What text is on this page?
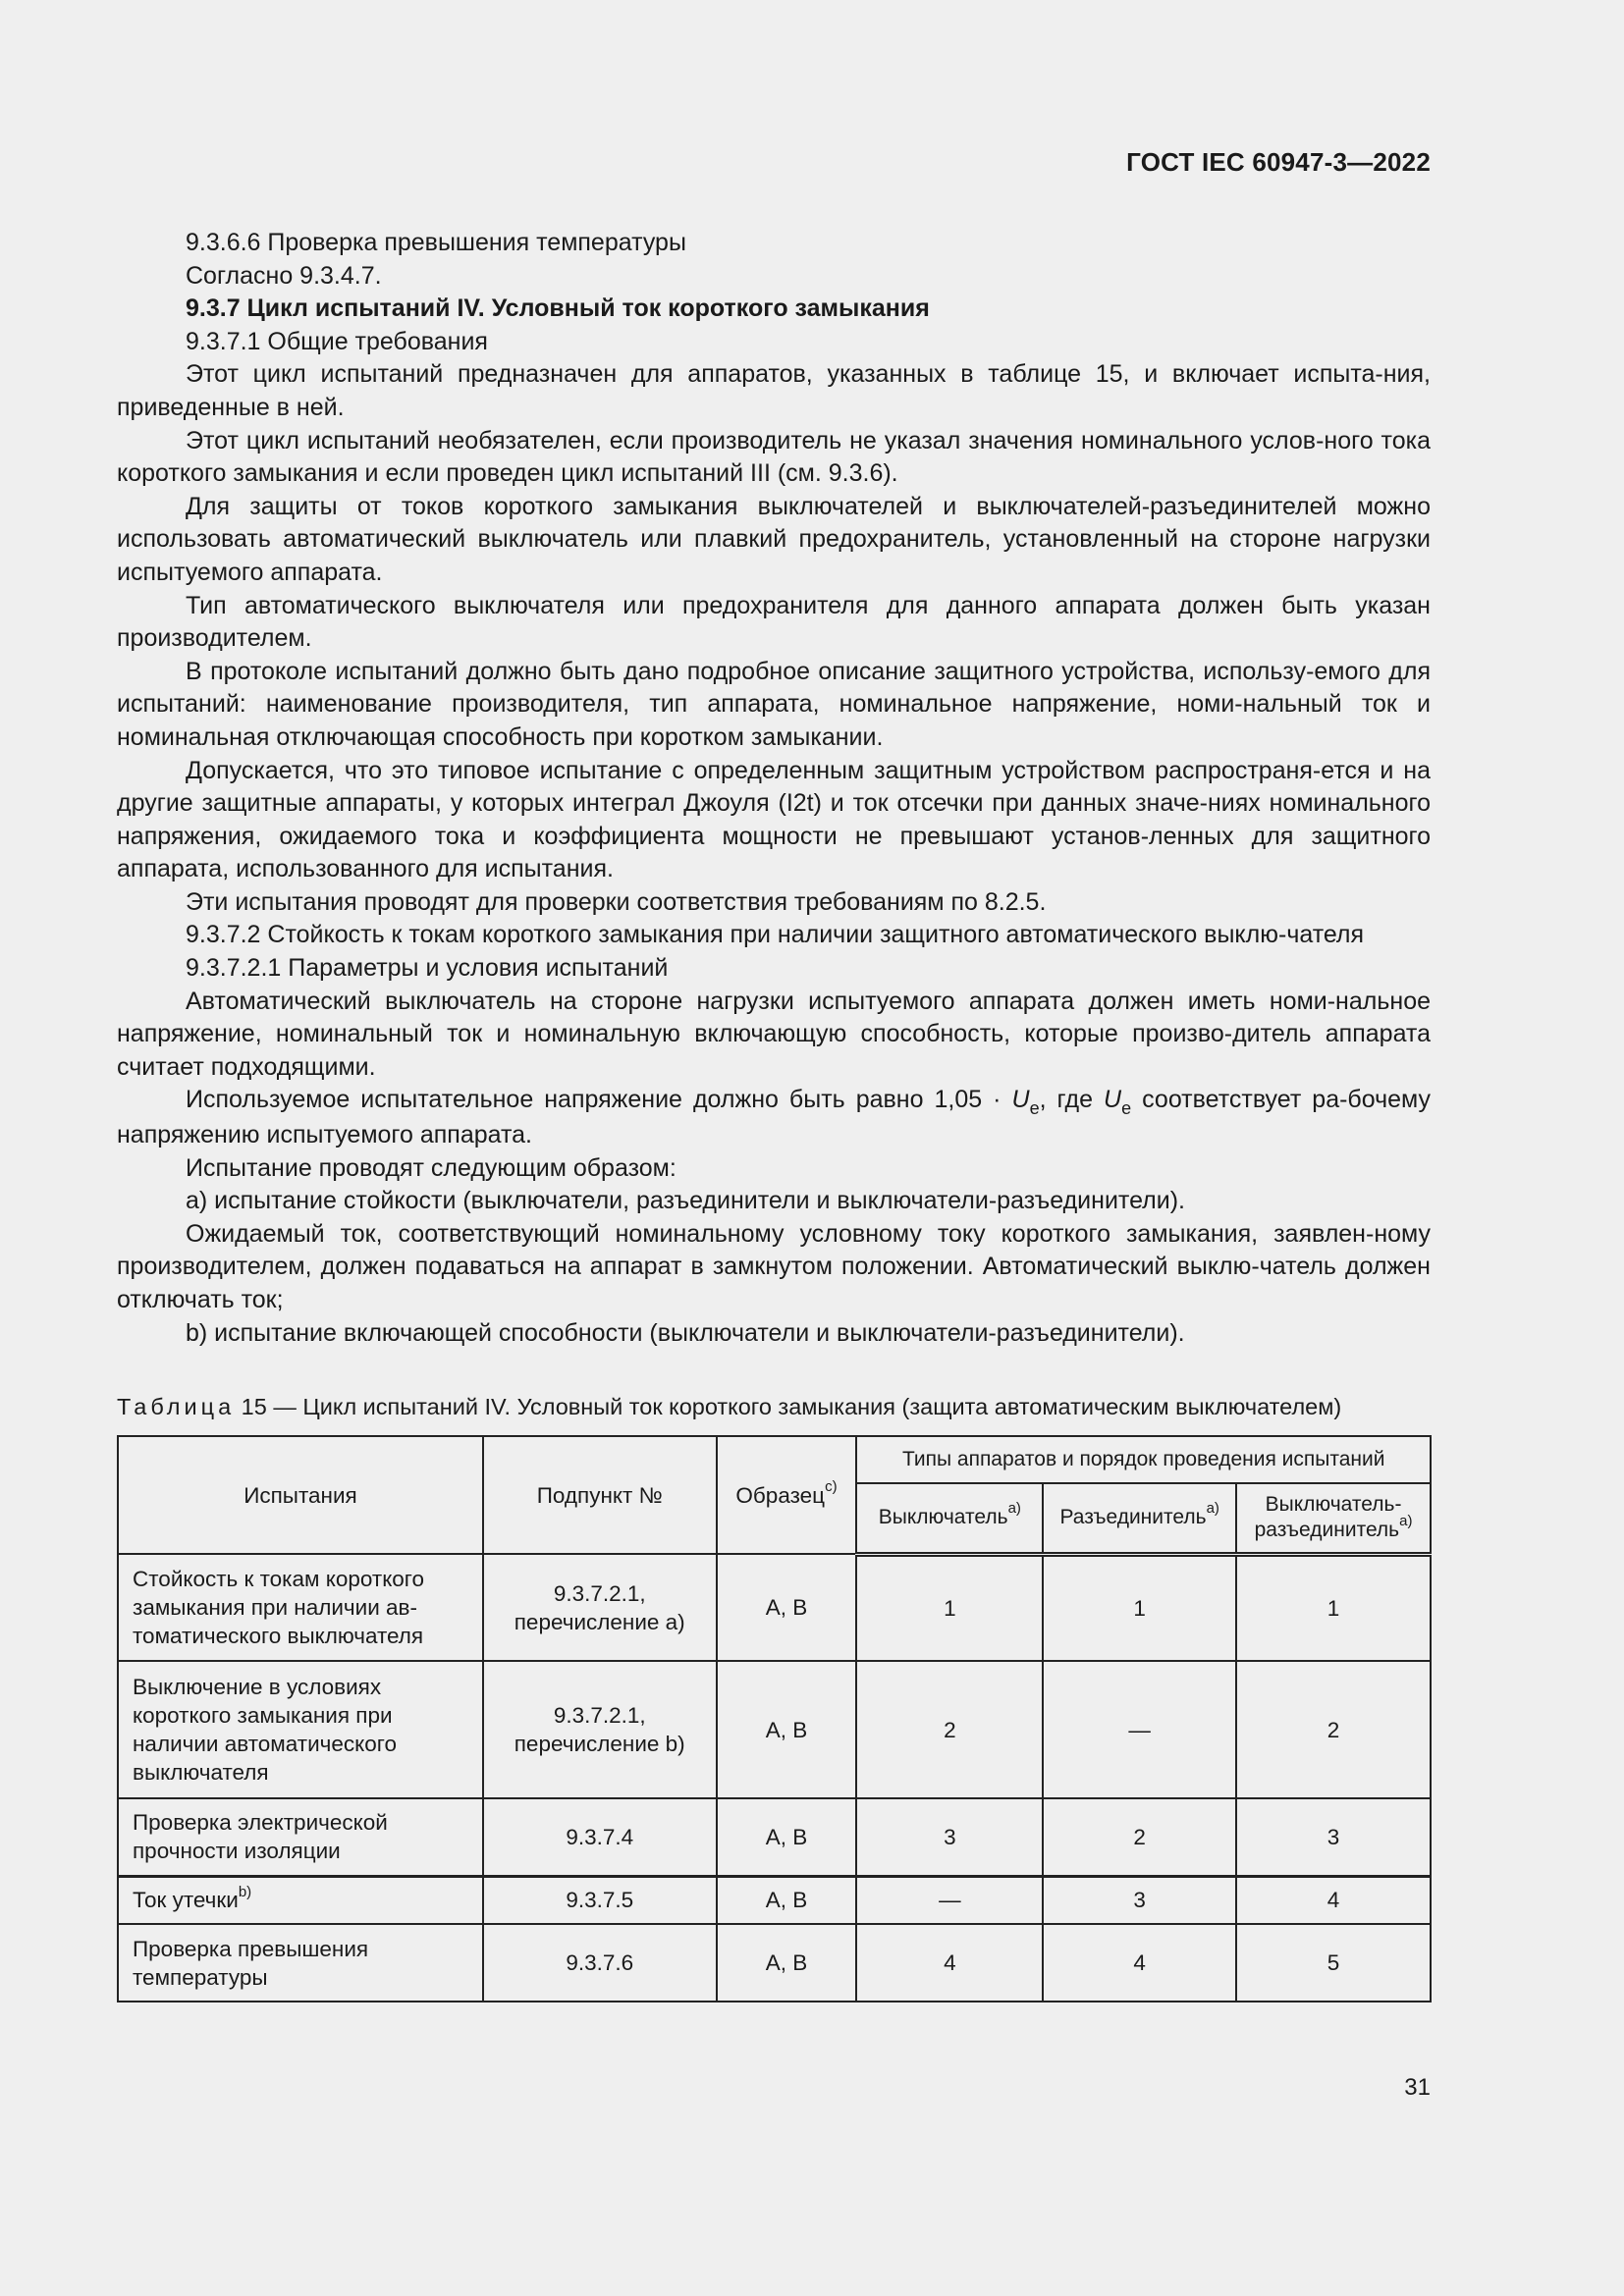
ГОСТ IEC 60947-3—2022

9.3.6.6 Проверка превышения температуры

Согласно 9.3.4.7.

9.3.7 Цикл испытаний IV. Условный ток короткого замыкания

9.3.7.1 Общие требования

Этот цикл испытаний предназначен для аппаратов, указанных в таблице 15, и включает испыта-ния, приведенные в ней.

Этот цикл испытаний необязателен, если производитель не указал значения номинального услов-ного тока короткого замыкания и если проведен цикл испытаний III (см. 9.3.6).

Для защиты от токов короткого замыкания выключателей и выключателей-разъединителей можно использовать автоматический выключатель или плавкий предохранитель, установленный на стороне нагрузки испытуемого аппарата.

Тип автоматического выключателя или предохранителя для данного аппарата должен быть указан производителем.

В протоколе испытаний должно быть дано подробное описание защитного устройства, использу-емого для испытаний: наименование производителя, тип аппарата, номинальное напряжение, номи-нальный ток и номинальная отключающая способность при коротком замыкании.

Допускается, что это типовое испытание с определенным защитным устройством распространя-ется и на другие защитные аппараты, у которых интеграл Джоуля (I2t) и ток отсечки при данных значе-ниях номинального напряжения, ожидаемого тока и коэффициента мощности не превышают установ-ленных для защитного аппарата, использованного для испытания.

Эти испытания проводят для проверки соответствия требованиям по 8.2.5.

9.3.7.2 Стойкость к токам короткого замыкания при наличии защитного автоматического выклю-чателя

9.3.7.2.1 Параметры и условия испытаний

Автоматический выключатель на стороне нагрузки испытуемого аппарата должен иметь номи-нальное напряжение, номинальный ток и номинальную включающую способность, которые произво-дитель аппарата считает подходящими.

Используемое испытательное напряжение должно быть равно $1,05 \cdot U_e$, где $U_e$ соответствует ра-бочему напряжению испытуемого аппарата.

Испытание проводят следующим образом:

a) испытание стойкости (выключатели, разъединители и выключатели-разъединители).

Ожидаемый ток, соответствующий номинальному условному току короткого замыкания, заявлен-ному производителем, должен подаваться на аппарат в замкнутом положении. Автоматический выклю-чатель должен отключать ток;

b) испытание включающей способности (выключатели и выключатели-разъединители).

Таблица 15 — Цикл испытаний IV. Условный ток короткого замыкания (защита автоматическим выключателем)
Испытания	Подпункт №	Образец$^{c)}$	Типы аппаратов и порядок проведения испытаний		
			Выключатель$^{a)}$	Разъединитель$^{a)}$	Выключатель-
разъединитель$^{a)}$
Стойкость к токам короткого замыкания при наличии ав-томатического выключателя	9.3.7.2.1,
перечисление a)	A, B	1	1	1
Выключение в условиях короткого замыкания при наличии автоматического выключателя	9.3.7.2.1,
перечисление b)	A, B	2	—	2
Проверка электрической прочности изоляции	9.3.7.4	A, B	3	2	3
Ток утечки$^{b)}$	9.3.7.5	A, B	—	3	4
Проверка превышения температуры	9.3.7.6	A, B	4	4	5
31
